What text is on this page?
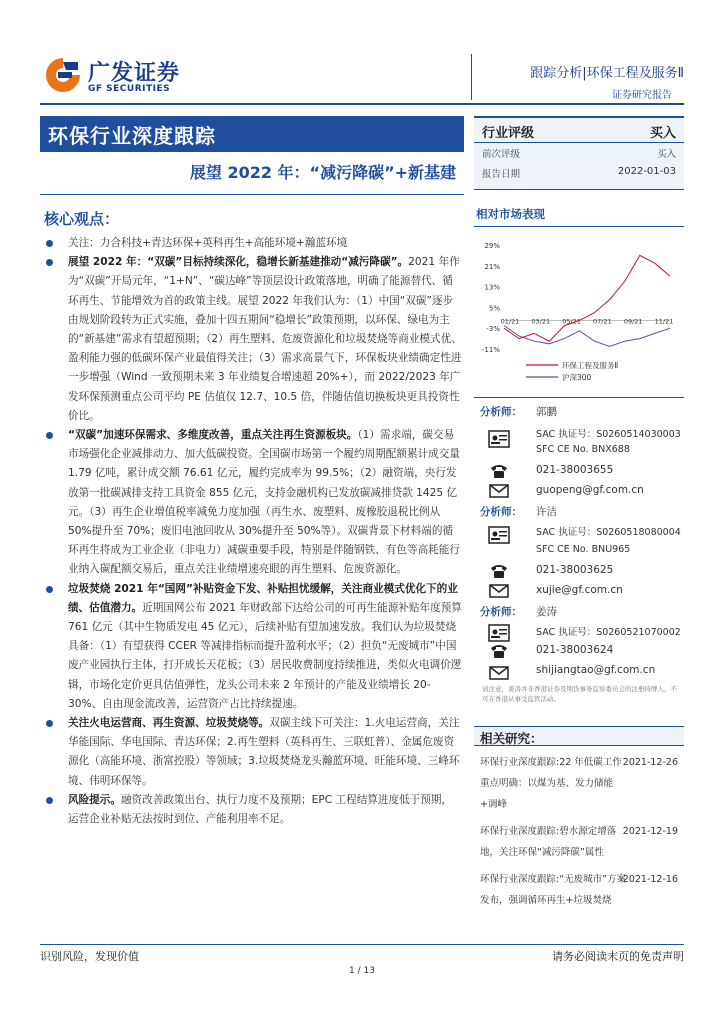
广发证券
GF SECURITIES
跟踪分析|环保工程及服务Ⅱ
证券研究报告
环保行业深度跟踪
展望 2022 年：“减污降碳”+新基建
核心观点：
关注：力合科技+青达环保+英科再生+高能环境+瀚蓝环境
展望 2022 年：“双碳”目标持续深化，稳增长新基建推动“减污降碳”。2021 年作为“双碳”开局元年，“1+N”、“碳达峰”等顶层设计政策落地，明确了能源替代、循环再生、节能增效为首的政策主线。展望 2022 年我们认为：（1）中国“双碳”逐步由规划阶段转为正式实施，叠加十四五期间“稳增长”政策预期，以环保、绿电为主的“新基建”需求有望超预期；（2）再生塑料、危废资源化和垃圾焚烧等商业模式优、盈利能力强的低碳环保产业最值得关注；（3）需求高景气下，环保板块业绩确定性进一步增强（Wind 一致预期未来 3 年业绩复合增速超 20%+），而 2022/2023 年广发环保预测重点公司平均 PE 估值仅 12.7、10.5 倍，伴随估值切换板块更具投资性价比。
“双碳”加速环保需求、多维度改善，重点关注再生资源板块。（1）需求端，碳交易市场强化企业减排动力、加大低碳投资。全国碳市场第一个履约周期配额累计成交量 1.79 亿吨，累计成交额 76.61 亿元，履约完成率为 99.5%；（2）融资端，央行发放第一批碳减排支持工具资金 855 亿元，支持金融机构已发放碳减排贷款 1425 亿元。（3）再生企业增值税率减免力度加强（再生水、废塑料、废橡胶退税比例从 50%提升至 70%；废旧电池回收从 30%提升至 50%等）。双碳背景下材料端的循环再生将成为工业企业（非电力）减碳重要手段，特别是伴随钢铁、有色等高耗能行业纳入碳配额交易后，重点关注业绩增速亮眼的再生塑料、危废资源化。
垃圾焚烧 2021 年“国网”补贴资金下发、补贴担忧缓解，关注商业模式优化下的业绩、估值潜力。近期国网公布 2021 年财政部下达给公司的可再生能源补贴年度预算 761 亿元（其中生物质发电 45 亿元），后续补贴有望加速发放。我们认为垃圾焚烧具备：（1）有望获得 CCER 等减排指标而提升盈利水平；（2）担负“无废城市”中国废产业园执行主体，打开成长天花板；（3）居民收费制度持续推进，类似火电调价逻辑，市场化定价更具估值弹性，龙头公司未来 2 年预计的产能及业绩增长 20-30%、自由现金流改善，运营资产占比持续提速。
关注火电运营商、再生资源、垃圾焚烧等。双碳主线下可关注：1.火电运营商，关注华能国际、华电国际、青达环保；2.再生塑料（英科再生、三联虹普）、金属危废资源化（高能环境、浙富控股）等领域；3.垃圾焚烧龙头瀚蓝环境、旺能环境、三峰环境、伟明环保等。
风险提示。融资改善政策出台、执行力度不及预期；EPC 工程结算进度低于预期，运营企业补贴无法按时到位、产能利用率不足。
行业评级	买入
前次评级	买入
报告日期	2022-01-03
相对市场表现
29%
21%
13%
5%
-3%
-11%
01/21 03/21 05/21 07/21 09/21 11/21
环保工程及服务Ⅱ
沪深300
分析师： 郭鹏
SAC 执证号：S0260514030003
SFC CE No. BNX688
021-38003655
guopeng@gf.com.cn
分析师： 许洁
SAC 执证号：S0260518080004
SFC CE No. BNU965
021-38003625
xujie@gf.com.cn
分析师： 姜涛
SAC 执证号：S0260521070002
021-38003624
shijiangtao@gf.com.cn
请注意，姜涛并非香港证券及期货事务监察委员会的注册持牌人，不可在香港从事受监管活动。
相关研究：
环保行业深度跟踪:22 年低碳工作重点明确：以煤为基、发力储能+调峰
2021-12-26
环保行业深度跟踪:碧水源定增落地，关注环保“减污降碳”属性
2021-12-19
环保行业深度跟踪:“无废城市”方案发布，强调循环再生+垃圾焚烧
2021-12-16
识别风险，发现价值	请务必阅读末页的免责声明
1 / 13
